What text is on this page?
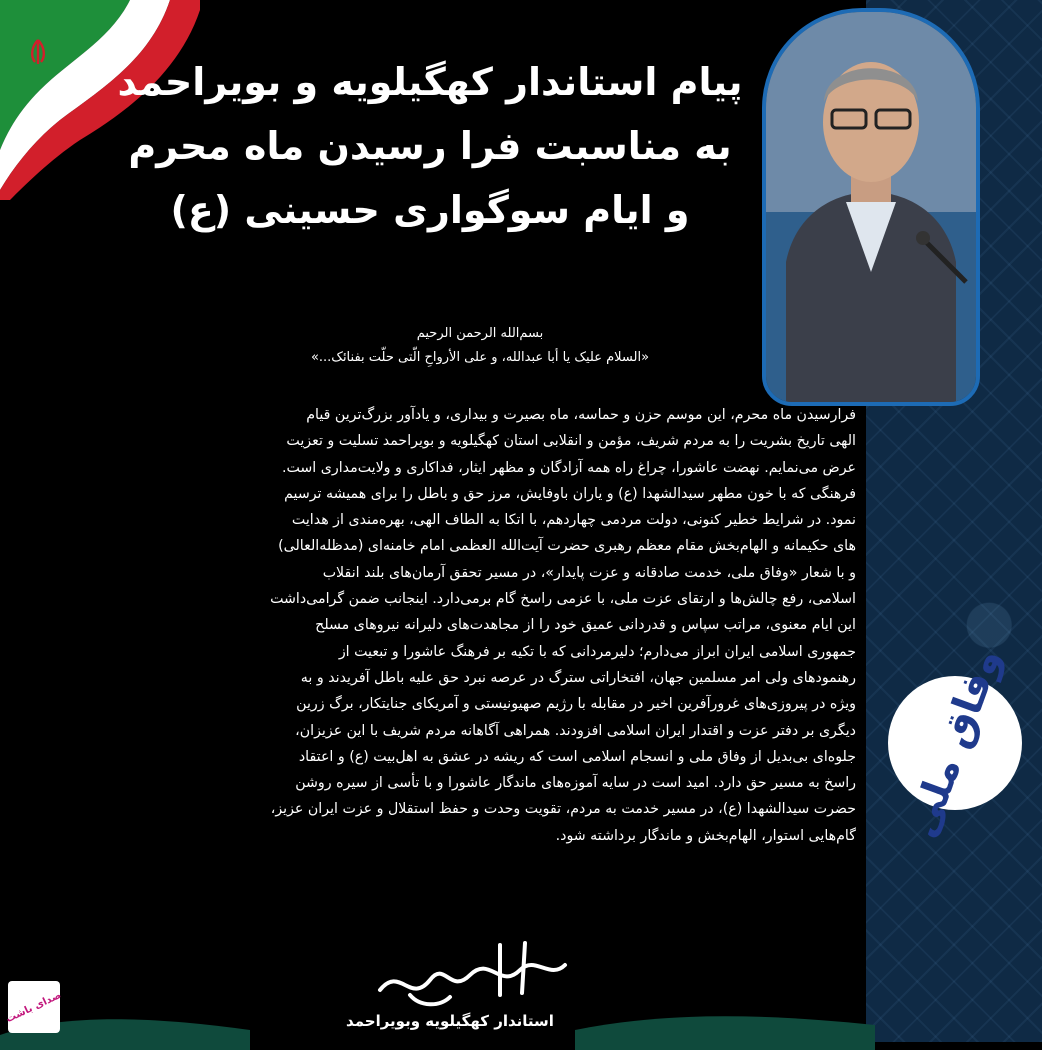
پیام استاندار کهگیلویه و بویراحمد
به مناسبت فرا رسیدن ماه محرم
و ایام سوگواری حسینی (ع)
بسم‌الله الرحمن الرحیم
«السلام علیک یا أبا عبدالله، و علی الأرواحِ الّتی حلّت بفنائک...»
فرارسیدن ماه محرم، این موسم حزن و حماسه، ماه بصیرت و بیداری، و یادآور بزرگ‌ترین قیام
الهی تاریخ بشریت را به مردم شریف، مؤمن و انقلابی استان کهگیلویه و بویراحمد تسلیت و تعزیت
عرض می‌نمایم. نهضت عاشورا، چراغ راه همه آزادگان و مظهر ایثار، فداکاری و ولایت‌مداری است.
فرهنگی که با خون مطهر سیدالشهدا (ع) و یاران باوفایش، مرز حق و باطل را برای همیشه ترسیم
نمود. در شرایط خطیر کنونی، دولت مردمی چهاردهم، با اتکا به الطاف الهی، بهره‌مندی از هدایت
های حکیمانه و الهام‌بخش مقام معظم رهبری حضرت آیت‌الله العظمی امام خامنه‌ای (مدظله‌العالی)
و با شعار «وفاق ملی، خدمت صادقانه و عزت پایدار»، در مسیر تحقق آرمان‌های بلند انقلاب
اسلامی، رفع چالش‌ها و ارتقای عزت ملی، با عزمی راسخ گام برمی‌دارد. اینجانب ضمن گرامی‌داشت
این ایام معنوی، مراتب سپاس و قدردانی عمیق خود را از مجاهدت‌های دلیرانه نیروهای مسلح
جمهوری اسلامی ایران ابراز می‌دارم؛ دلیرمردانی که با تکیه بر فرهنگ عاشورا و تبعیت از
رهنمودهای ولی امر مسلمین جهان، افتخاراتی سترگ در عرصه نبرد حق علیه باطل آفریدند و به
ویژه در پیروزی‌های غرورآفرین اخیر در مقابله با رژیم صهیونیستی و آمریکای جنایتکار، برگ زرین
دیگری بر دفتر عزت و اقتدار ایران اسلامی افزودند. همراهی آگاهانه مردم شریف با این عزیزان،
جلوه‌ای بی‌بدیل از وفاق ملی و انسجام اسلامی است که ریشه در عشق به اهل‌بیت (ع) و اعتقاد
راسخ به مسیر حق دارد. امید است در سایه آموزه‌های ماندگار عاشورا و با تأسی از سیره روشن
حضرت سیدالشهدا (ع)، در مسیر خدمت به مردم، تقویت وحدت و حفظ استقلال و عزت ایران عزیز،
گام‌هایی استوار، الهام‌بخش و ماندگار برداشته شود.
استاندار کهگیلویه وبویراحمد
وفاق ملی
صدای باشت
